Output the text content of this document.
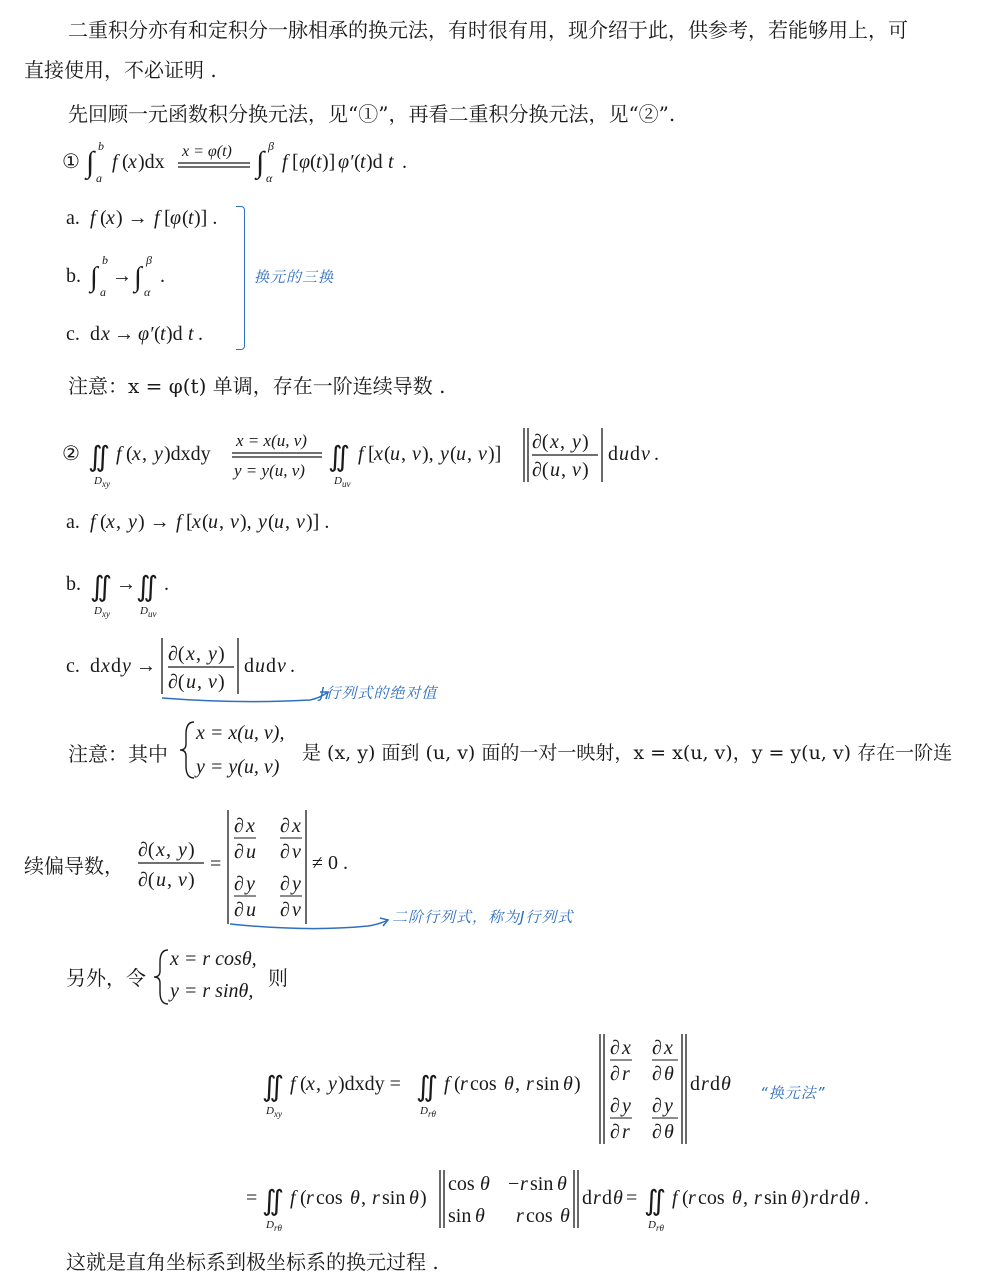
二重积分亦有和定积分一脉相承的换元法，有时很有用，现介绍于此，供参考，若能够用上，可
直接使用，不必证明 .
先回顾一元函数积分换元法，见“①”，再看二重积分换元法，见“②”.
① ∫ b
a
f ( x )dx x = φ(t) ∫ β
α
f [ φ ( t )] φ′ ( t )d t .
a. f ( x ) → f [ φ ( t )] .
b. ∫
b
a
→ ∫
β
α
.
c. d x → φ′ ( t )d t .
换元的三换
注意：x = φ(t) 单调，存在一阶连续导数 .
② ∬
D xy
f ( x , y )dxdy
x = x(u, v)
y = y(u, v) ∬
D uv
f [ x ( u , v ), y ( u , v )]
∂( x , y )
∂( u , v )
d u d v .
a. f ( x , y ) → f [ x ( u , v ), y ( u , v )] .
b. ∬
D xy
→ ∬
D uv
.
c. d x d y →
∂( x , y )
∂( u , v )
d u d v .
J行列式的绝对值
注意：其中
x = x(u, v),
y = y(u, v)
是 (x, y) 面到 (u, v) 面的一对一映射，x = x(u, v)，y = y(u, v) 存在一阶连
续偏导数，
∂( x , y )
∂( u , v )
=
∂ x
∂ u
∂ x
∂ v
∂ y
∂ u
∂ y
∂ v
≠ 0 .
二阶行列式，称为J行列式
另外，令
x = r cosθ,
y = r sinθ,
则
∬
D xy
f ( x , y )dxdy = ∬
D rθ
f ( r cos θ , r sin θ )
∂ x
∂ r
∂ x
∂ θ
∂ y
∂ r
∂ y
∂ θ
d r d θ “换元法”
= ∬
D rθ
f ( r cos θ , r sin θ )
cos θ − r sin θ
sin θ r cos θ
d r d θ = ∬
D rθ
f ( r cos θ , r sin θ ) r d r d θ .
这就是直角坐标系到极坐标系的换元过程 .
